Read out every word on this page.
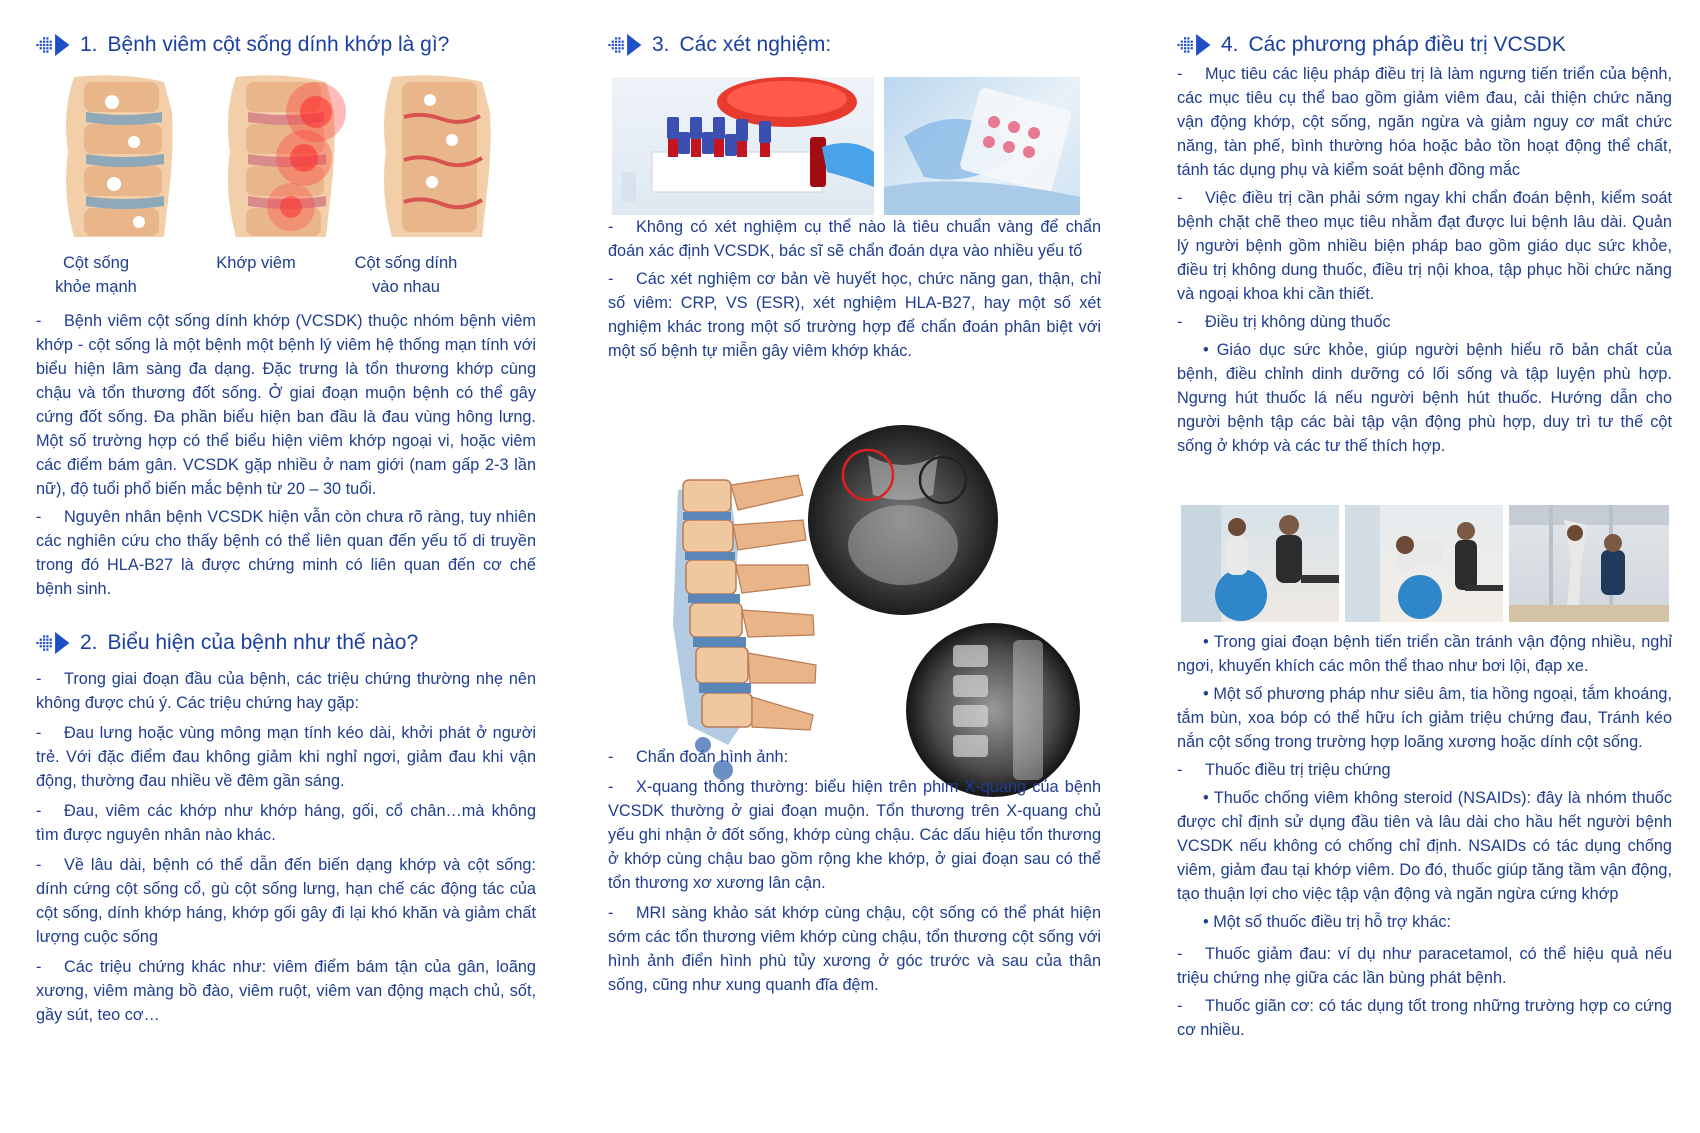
1. Bệnh viêm cột sống dính khớp là gì?
Cột sống
khỏe mạnh
Khớp viêm	Cột sống dính
vào nhau

- Bệnh viêm cột sống dính khớp (VCSDK) thuộc nhóm bệnh viêm khớp - cột sống là một bệnh một bệnh lý viêm hệ thống mạn tính với biểu hiện lâm sàng đa dạng. Đặc trưng là tổn thương khớp cùng chậu và tổn thương đốt sống. Ở giai đoạn muộn bệnh có thể gây cứng đốt sống. Đa phần biểu hiện ban đầu là đau vùng hông lưng. Một số trường hợp có thể biểu hiện viêm khớp ngoại vi, hoặc viêm các điểm bám gân. VCSDK gặp nhiều ở nam giới (nam gấp 2-3 lần nữ), độ tuổi phổ biến mắc bệnh từ 20 – 30 tuổi.

- Nguyên nhân bệnh VCSDK hiện vẫn còn chưa rõ ràng, tuy nhiên các nghiên cứu cho thấy bệnh có thể liên quan đến yếu tố di truyền trong đó HLA-B27 là được chứng minh có liên quan đến cơ chế bệnh sinh.

2. Biểu hiện của bệnh như thế nào?

- Trong giai đoạn đầu của bệnh, các triệu chứng thường nhẹ nên không được chú ý. Các triệu chứng hay gặp:

- Đau lưng hoặc vùng mông mạn tính kéo dài, khởi phát ở người trẻ. Với đặc điểm đau không giảm khi nghỉ ngơi, giảm đau khi vận động, thường đau nhiều về đêm gần sáng.

- Đau, viêm các khớp như khớp háng, gối, cổ chân…mà không tìm được nguyên nhân nào khác.

- Về lâu dài, bệnh có thể dẫn đến biến dạng khớp và cột sống: dính cứng cột sống cổ, gù cột sống lưng, hạn chế các động tác của cột sống, dính khớp háng, khớp gối gây đi lại khó khăn và giảm chất lượng cuộc sống

- Các triệu chứng khác như: viêm điểm bám tận của gân, loãng xương, viêm màng bồ đào, viêm ruột, viêm van động mạch chủ, sốt, gầy sút, teo cơ…

3. Các xét nghiệm:

- Không có xét nghiệm cụ thể nào là tiêu chuẩn vàng để chẩn đoán xác định VCSDK, bác sĩ sẽ chẩn đoán dựa vào nhiều yếu tố

- Các xét nghiệm cơ bản về huyết học, chức năng gan, thận, chỉ số viêm: CRP, VS (ESR), xét nghiệm HLA-B27, hay một số xét nghiệm khác trong một số trường hợp để chẩn đoán phân biệt với một số bệnh tự miễn gây viêm khớp khác.

- Chẩn đoán hình ảnh:

- X-quang thông thường: biểu hiện trên phim X-quang của bệnh VCSDK thường ở giai đoạn muộn. Tổn thương trên X-quang chủ yếu ghi nhận ở đốt sống, khớp cùng chậu. Các dấu hiệu tổn thương ở khớp cùng chậu bao gồm rộng khe khớp, ở giai đoạn sau có thể tổn thương xơ xương lân cận.

- MRI sàng khảo sát khớp cùng chậu, cột sống có thể phát hiện sớm các tổn thương viêm khớp cùng chậu, tổn thương cột sống với hình ảnh điển hình phù tủy xương ở góc trước và sau của thân sống, cũng như xung quanh đĩa đệm.

4. Các phương pháp điều trị VCSDK

- Mục tiêu các liệu pháp điều trị là làm ngưng tiến triển của bệnh, các mục tiêu cụ thể bao gồm giảm viêm đau, cải thiện chức năng vận động khớp, cột sống, ngăn ngừa và giảm nguy cơ mất chức năng, tàn phế, bình thường hóa hoặc bảo tồn hoạt động thể chất, tánh tác dụng phụ và kiểm soát bệnh đồng mắc

- Việc điều trị cần phải sớm ngay khi chẩn đoán bệnh, kiểm soát bệnh chặt chẽ theo mục tiêu nhằm đạt được lui bệnh lâu dài. Quản lý người bệnh gồm nhiều biện pháp bao gồm giáo dục sức khỏe, điều trị không dung thuốc, điều trị nội khoa, tập phục hồi chức năng và ngoại khoa khi cần thiết.

- Điều trị không dùng thuốc

• Giáo dục sức khỏe, giúp người bệnh hiểu rõ bản chất của bệnh, điều chỉnh dinh dưỡng có lối sống và tập luyện phù hợp. Ngưng hút thuốc lá nếu người bệnh hút thuốc. Hướng dẫn cho người bệnh tập các bài tập vận động phù hợp, duy trì tư thế cột sống ở khớp và các tư thế thích hợp.

• Trong giai đoạn bệnh tiến triển cần tránh vận động nhiều, nghỉ ngơi, khuyến khích các môn thể thao như bơi lội, đạp xe.

• Một số phương pháp như siêu âm, tia hồng ngoại, tắm khoáng, tắm bùn, xoa bóp có thể hữu ích giảm triệu chứng đau, Tránh kéo nắn cột sống trong trường hợp loãng xương hoặc dính cột sống.

- Thuốc điều trị triệu chứng

• Thuốc chống viêm không steroid (NSAIDs): đây là nhóm thuốc được chỉ định sử dụng đầu tiên và lâu dài cho hầu hết người bệnh VCSDK nếu không có chống chỉ định. NSAIDs có tác dụng chống viêm, giảm đau tại khớp viêm. Do đó, thuốc giúp tăng tầm vận động, tạo thuận lợi cho việc tập vận động và ngăn ngừa cứng khớp

• Một số thuốc điều trị hỗ trợ khác:

- Thuốc giảm đau: ví dụ như paracetamol, có thể hiệu quả nếu triệu chứng nhẹ giữa các lần bùng phát bệnh.

- Thuốc giãn cơ: có tác dụng tốt trong những trường hợp co cứng cơ nhiều.
